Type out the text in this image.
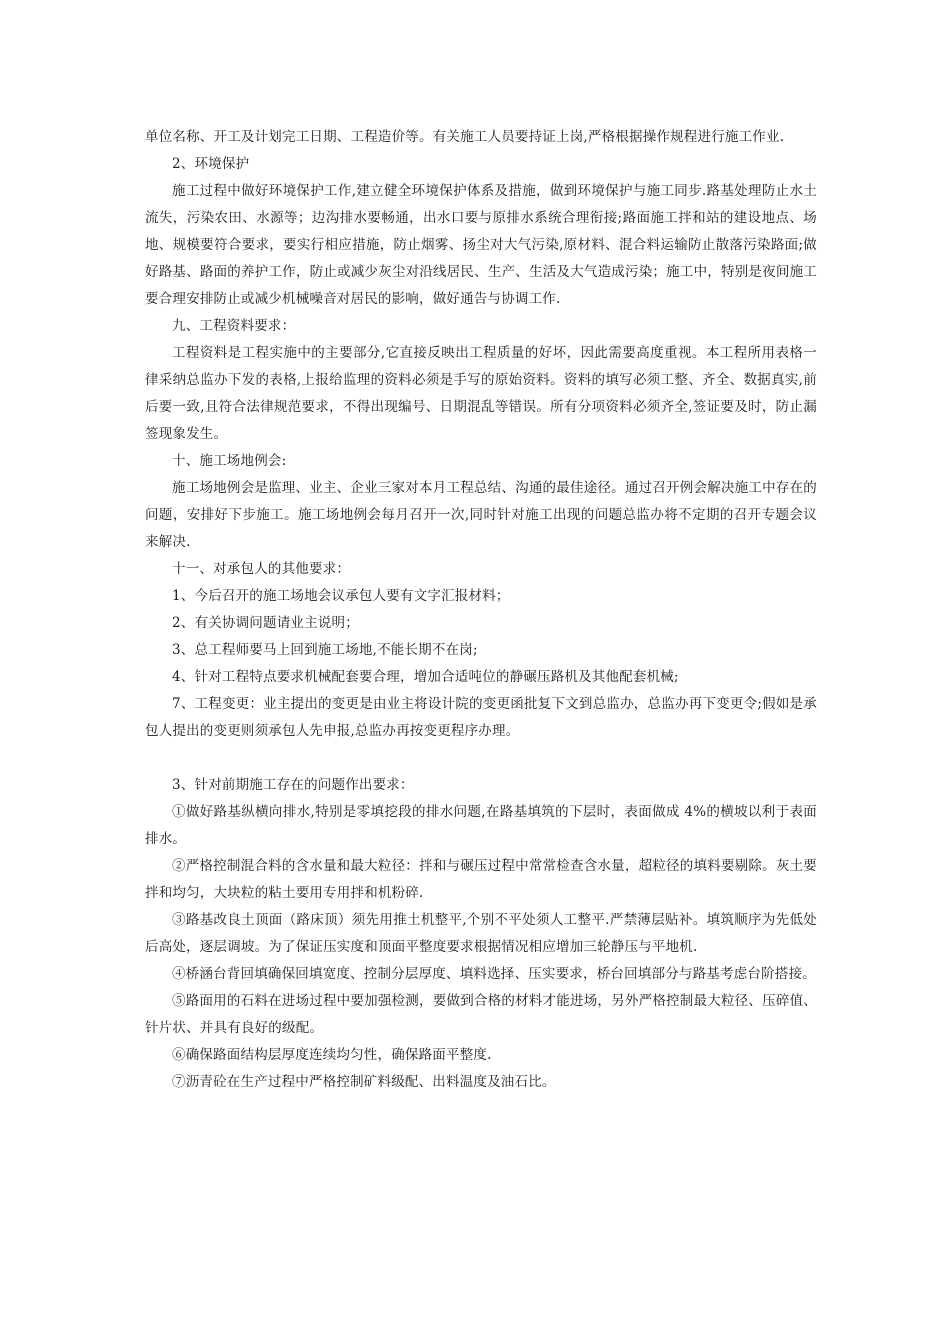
单位名称、开工及计划完工日期、工程造价等。有关施工人员要持证上岗,严格根据操作规程进行施工作业.

2、环境保护

施工过程中做好环境保护工作,建立健全环境保护体系及措施，做到环境保护与施工同步.路基处理防止水土流失，污染农田、水源等；边沟排水要畅通，出水口要与原排水系统合理衔接;路面施工拌和站的建设地点、场地、规模要符合要求，要实行相应措施，防止烟雾、扬尘对大气污染,原材料、混合料运输防止散落污染路面;做好路基、路面的养护工作，防止或减少灰尘对沿线居民、生产、生活及大气造成污染；施工中，特别是夜间施工要合理安排防止或减少机械噪音对居民的影响，做好通告与协调工作.

九、工程资料要求：

工程资料是工程实施中的主要部分,它直接反映出工程质量的好坏，因此需要高度重视。本工程所用表格一律采纳总监办下发的表格,上报给监理的资料必须是手写的原始资料。资料的填写必须工整、齐全、数据真实,前后要一致,且符合法律规范要求，不得出现编号、日期混乱等错误。所有分项资料必须齐全,签证要及时，防止漏签现象发生。

十、施工场地例会:

施工场地例会是监理、业主、企业三家对本月工程总结、沟通的最佳途径。通过召开例会解决施工中存在的问题，安排好下步施工。施工场地例会每月召开一次,同时针对施工出现的问题总监办将不定期的召开专题会议来解决.

十一、对承包人的其他要求：

1、今后召开的施工场地会议承包人要有文字汇报材料；

2、有关协调问题请业主说明；

3、总工程师要马上回到施工场地,不能长期不在岗;

4、针对工程特点要求机械配套要合理，增加合适吨位的静碾压路机及其他配套机械;

7、工程变更：业主提出的变更是由业主将设计院的变更函批复下文到总监办，总监办再下变更令;假如是承包人提出的变更则须承包人先申报,总监办再按变更程序办理。

3、针对前期施工存在的问题作出要求：

①做好路基纵横向排水,特别是零填挖段的排水问题,在路基填筑的下层时，表面做成 4%的横坡以利于表面排水。

②严格控制混合料的含水量和最大粒径：拌和与碾压过程中常常检查含水量，超粒径的填料要剔除。灰土要拌和均匀，大块粒的粘土要用专用拌和机粉碎.

③路基改良土顶面（路床顶）须先用推土机整平,个别不平处须人工整平.严禁薄层贴补。填筑顺序为先低处后高处，逐层调坡。为了保证压实度和顶面平整度要求根据情况相应增加三轮静压与平地机.

④桥涵台背回填确保回填宽度、控制分层厚度、填料选择、压实要求，桥台回填部分与路基考虑台阶搭接。

⑤路面用的石料在进场过程中要加强检测，要做到合格的材料才能进场，另外严格控制最大粒径、压碎值、针片状、并具有良好的级配。

⑥确保路面结构层厚度连续均匀性，确保路面平整度.

⑦沥青砼在生产过程中严格控制矿料级配、出料温度及油石比。
